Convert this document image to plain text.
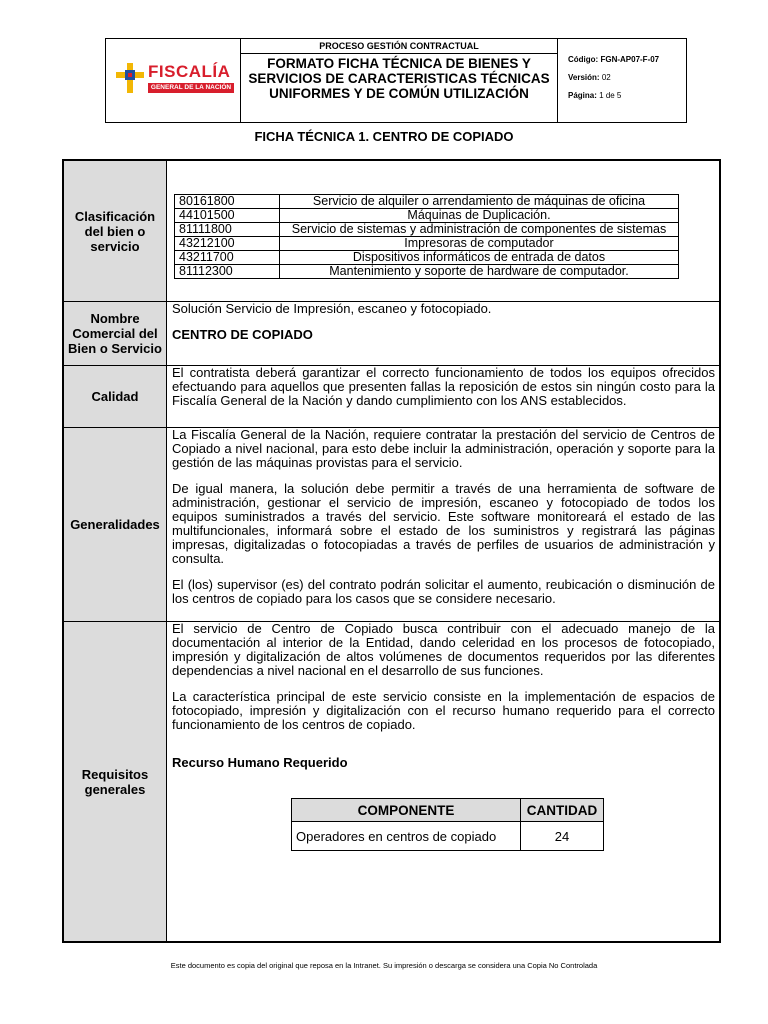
FISCALÍA
GENERAL DE LA NACIÓN
PROCESO GESTIÓN CONTRACTUAL
FORMATO FICHA TÉCNICA DE BIENES Y SERVICIOS DE CARACTERISTICAS TÉCNICAS UNIFORMES Y DE COMÚN UTILIZACIÓN
Código: FGN-AP07-F-07
Versión: 02
Página: 1 de 5
FICHA TÉCNICA 1. CENTRO DE COPIADO
Clasificación del bien o servicio
80161800	Servicio de alquiler o arrendamiento de máquinas de oficina
44101500	Máquinas de Duplicación.
81111800	Servicio de sistemas y administración de componentes de sistemas
43212100	Impresoras de computador
43211700	Dispositivos informáticos de entrada de datos
81112300	Mantenimiento y soporte de hardware de computador.
Nombre Comercial del Bien o Servicio
Solución Servicio de Impresión, escaneo y fotocopiado.
CENTRO DE COPIADO
Calidad

El contratista deberá garantizar el correcto funcionamiento de todos los equipos ofrecidos efectuando para aquellos que presenten fallas la reposición de estos sin ningún costo para la Fiscalía General de la Nación y dando cumplimiento con los ANS establecidos.

Generalidades

La Fiscalía General de la Nación, requiere contratar la prestación del servicio de Centros de Copiado a nivel nacional, para esto debe incluir la administración, operación y soporte para la gestión de las máquinas provistas para el servicio.

De igual manera, la solución debe permitir a través de una herramienta de software de administración, gestionar el servicio de impresión, escaneo y fotocopiado de todos los equipos suministrados a través del servicio. Este software monitoreará el estado de las multifuncionales, informará sobre el estado de los suministros y registrará las páginas impresas, digitalizadas o fotocopiadas a través de perfiles de usuarios de administración y consulta.

El (los) supervisor (es) del contrato podrán solicitar el aumento, reubicación o disminución de los centros de copiado para los casos que se considere necesario.

Requisitos generales

El servicio de Centro de Copiado busca contribuir con el adecuado manejo de la documentación al interior de la Entidad, dando celeridad en los procesos de fotocopiado, impresión y digitalización de altos volúmenes de documentos requeridos por las diferentes dependencias a nivel nacional en el desarrollo de sus funciones.

La característica principal de este servicio consiste en la implementación de espacios de fotocopiado, impresión y digitalización con el recurso humano requerido para el correcto funcionamiento de los centros de copiado.

Recurso Humano Requerido
COMPONENTE	CANTIDAD
Operadores en centros de copiado	24
Este documento es copia del original que reposa en la Intranet. Su impresión o descarga se considera una Copia No Controlada
